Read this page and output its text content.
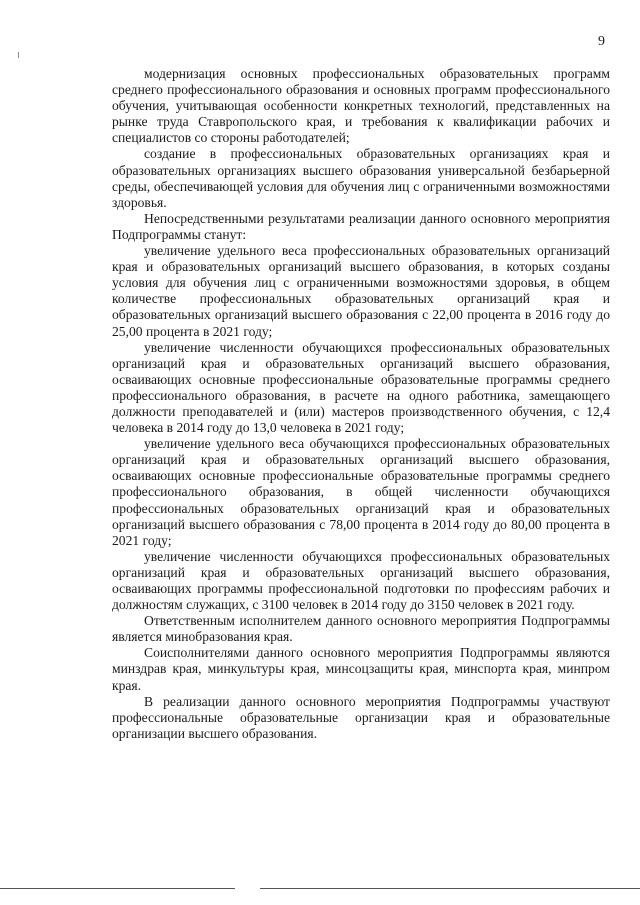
9

модернизация основных профессиональных образовательных программ среднего профессионального образования и основных программ профессионального обучения, учитывающая особенности конкретных технологий, представленных на рынке труда Ставропольского края, и требования к квалификации рабочих и специалистов со стороны работодателей;

создание в профессиональных образовательных организациях края и образовательных организациях высшего образования универсальной безбарьерной среды, обеспечивающей условия для обучения лиц с ограниченными возможностями здоровья.

Непосредственными результатами реализации данного основного мероприятия Подпрограммы станут:

увеличение удельного веса профессиональных образовательных организаций края и образовательных организаций высшего образования, в которых созданы условия для обучения лиц с ограниченными возможностями здоровья, в общем количестве профессиональных образовательных организаций края и образовательных организаций высшего образования с 22,00 процента в 2016 году до 25,00 процента в 2021 году;

увеличение численности обучающихся профессиональных образовательных организаций края и образовательных организаций высшего образования, осваивающих основные профессиональные образовательные программы среднего профессионального образования, в расчете на одного работника, замещающего должности преподавателей и (или) мастеров производственного обучения, с 12,4 человека в 2014 году до 13,0 человека в 2021 году;

увеличение удельного веса обучающихся профессиональных образовательных организаций края и образовательных организаций высшего образования, осваивающих основные профессиональные образовательные программы среднего профессионального образования, в общей численности обучающихся профессиональных образовательных организаций края и образовательных организаций высшего образования с 78,00 процента в 2014 году до 80,00 процента в 2021 году;

увеличение численности обучающихся профессиональных образовательных организаций края и образовательных организаций высшего образования, осваивающих программы профессиональной подготовки по профессиям рабочих и должностям служащих, с 3100 человек в 2014 году до 3150 человек в 2021 году.

Ответственным исполнителем данного основного мероприятия Подпрограммы является минобразования края.

Соисполнителями данного основного мероприятия Подпрограммы являются минздрав края, минкультуры края, минсоцзащиты края, минспорта края, минпром края.

В реализации данного основного мероприятия Подпрограммы участвуют профессиональные образовательные организации края и образовательные организации высшего образования.
